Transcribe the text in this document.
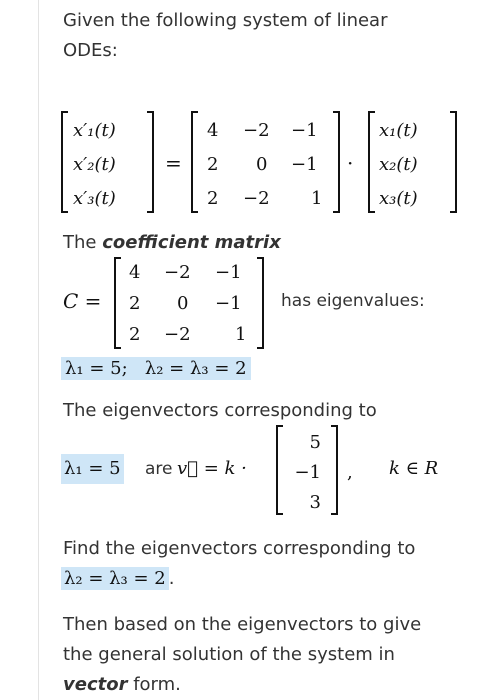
Given the following system of linear

ODEs:

x′₁(t)
x′₂(t)
x′₃(t)
=
4 −2 −1
2 0 −1
2 −2 1
·
x₁(t)
x₂(t)
x₃(t)

The coefficient matrix

C =
4 −2 −1
2 0 −1
2 −2 1
has eigenvalues:

λ₁ = 5;   λ₂ = λ₃ = 2

The eigenvectors corresponding to

λ₁ = 5 are v⃗ = k ·
5
−1
3
, k ∈ R

Find the eigenvectors corresponding to

λ₂ = λ₃ = 2 .

Then based on the eigenvectors to give

the general solution of the system in

vector form.
